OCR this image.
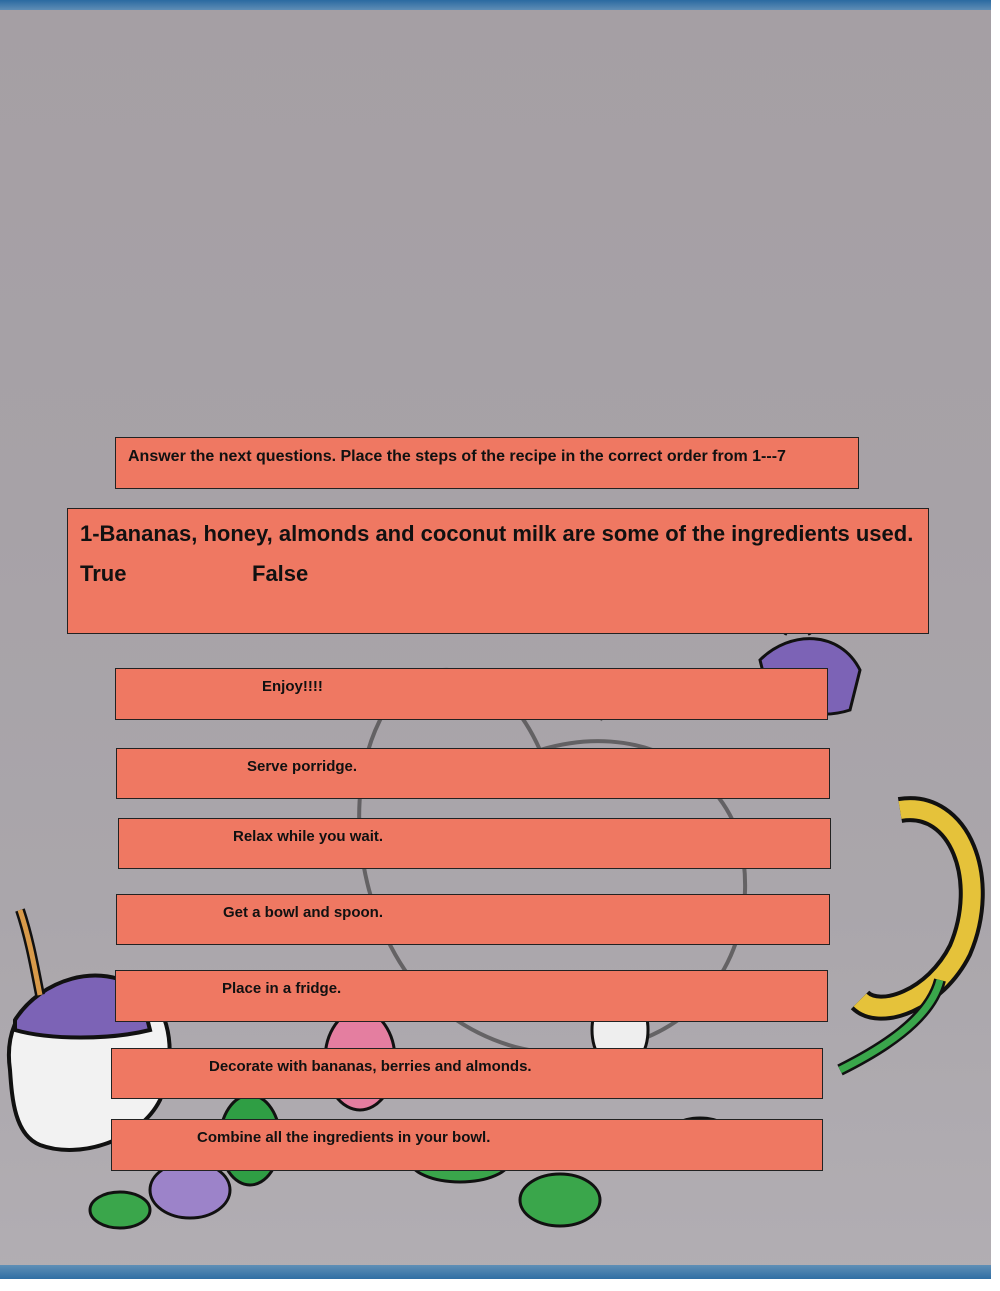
Answer the next questions. Place the steps of the recipe in the correct order from 1---7
1-Bananas, honey, almonds and coconut milk are some of the ingredients used.
True	False
Enjoy!!!!
Serve porridge.
Relax while you wait.
Get a bowl and spoon.
Place in a fridge.
Decorate with bananas, berries and almonds.
Combine all the ingredients in your bowl.
